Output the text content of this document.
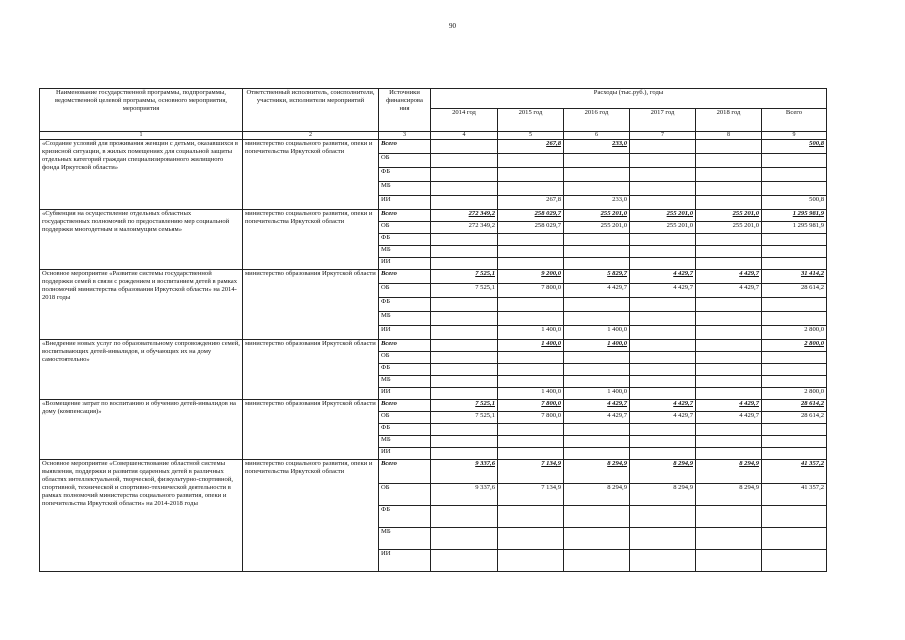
90
Наименование государственной программы, подпрограммы, ведомственной целевой программы, основного мероприятия, мероприятия	Ответственный исполнитель, соисполнители, участники, исполнители мероприятий	Источники финансирова ния	Расходы (тыс.руб.), годы					
			2014 год	2015 год	2016 год	2017 год	2018 год	Всего
1	2	3	4	5	6	7	8	9
«Создание условий для проживания женщин с детьми, оказавшихся в кризисной ситуации, в жилых помещениях для социальной защиты отдельных категорий граждан специализированного жилищного фонда Иркутской области»	министерство социального развития, опеки и попечительства Иркутской области	Всего		267,8	233,0			500,8
		ОБ						
		ФБ						
		МБ						
		ИИ		267,8	233,0			500,8
«Субвенция на осуществление отдельных областных государственных полномочий по предоставлению мер социальной поддержки многодетным и малоимущим семьям»	министерство социального развития, опеки и попечительства Иркутской области	Всего	272 349,2	258 029,7	255 201,0	255 201,0	255 201,0	1 295 981,9
		ОБ	272 349,2	258 029,7	255 201,0	255 201,0	255 201,0	1 295 981,9
		ФБ						
		МБ						
		ИИ						
Основное мероприятие «Развитие системы государственной поддержки семей в связи с рождением и воспитанием детей в рамках полномочий министерства образования Иркутской области» на 2014-2018 годы	министерство образования Иркутской области	Всего	7 525,1	9 200,0	5 829,7	4 429,7	4 429,7	31 414,2
		ОБ	7 525,1	7 800,0	4 429,7	4 429,7	4 429,7	28 614,2
		ФБ						
		МБ						
		ИИ		1 400,0	1 400,0			2 800,0
«Внедрение новых услуг по образовательному сопровождению семей, воспитывающих детей-инвалидов, и обучающих их на дому самостоятельно»	министерство образования Иркутской области	Всего		1 400,0	1 400,0			2 800,0
		ОБ						
		ФБ						
		МБ						
		ИИ		1 400,0	1 400,0			2 800,0
«Возмещение затрат по воспитанию и обучению детей-инвалидов на дому (компенсация)»	министерство образования Иркутской области	Всего	7 525,1	7 800,0	4 429,7	4 429,7	4 429,7	28 614,2
		ОБ	7 525,1	7 800,0	4 429,7	4 429,7	4 429,7	28 614,2
		ФБ						
		МБ						
		ИИ						
Основное мероприятие «Совершенствование областной системы выявления, поддержки и развития одаренных детей в различных областях интеллектуальной, творческой, физкультурно-спортивной, спортивной, технической и спортивно-технической деятельности в рамках полномочий министерства социального развития, опеки и попечительства Иркутской области» на 2014-2018 годы	министерство социального развития, опеки и попечительства Иркутской области	Всего	9 337,6	7 134,9	8 294,9	8 294,9	8 294,9	41 357,2
		ОБ	9 337,6	7 134,9	8 294,9	8 294,9	8 294,9	41 357,2
		ФБ						
		МБ						
		ИИ						
